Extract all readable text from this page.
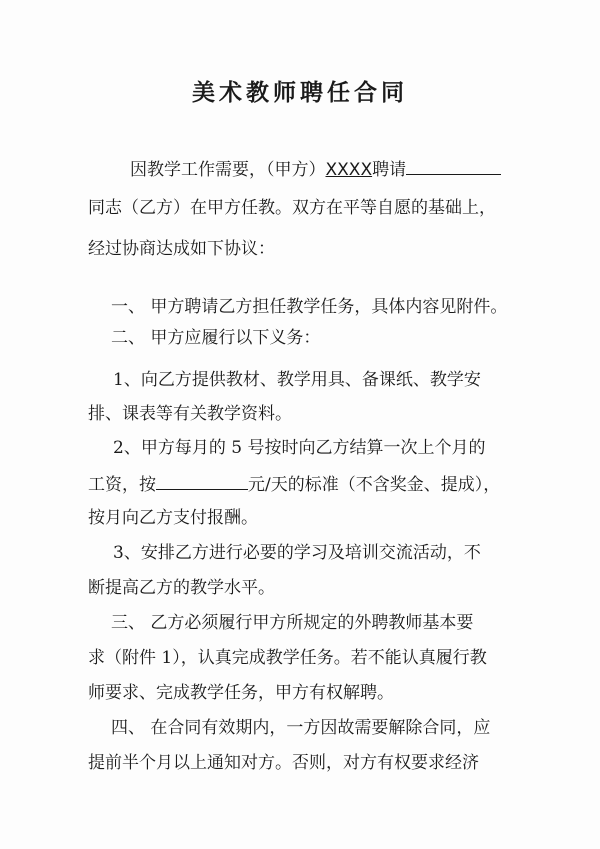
美术教师聘任合同
因教学工作需要，（甲方）XXXX聘请
同志（乙方）在甲方任教。双方在平等自愿的基础上，
经过协商达成如下协议：
一、 甲方聘请乙方担任教学任务，具体内容见附件。
二、 甲方应履行以下义务：
1、向乙方提供教材、教学用具、备课纸、教学安
排、课表等有关教学资料。
2、甲方每月的 5 号按时向乙方结算一次上个月的
工资，按	元/天的标准（不含奖金、提成），
按月向乙方支付报酬。
3、安排乙方进行必要的学习及培训交流活动，不
断提高乙方的教学水平。
三、 乙方必须履行甲方所规定的外聘教师基本要
求（附件 1），认真完成教学任务。若不能认真履行教
师要求、完成教学任务，甲方有权解聘。
四、 在合同有效期内，一方因故需要解除合同，应
提前半个月以上通知对方。否则，对方有权要求经济
